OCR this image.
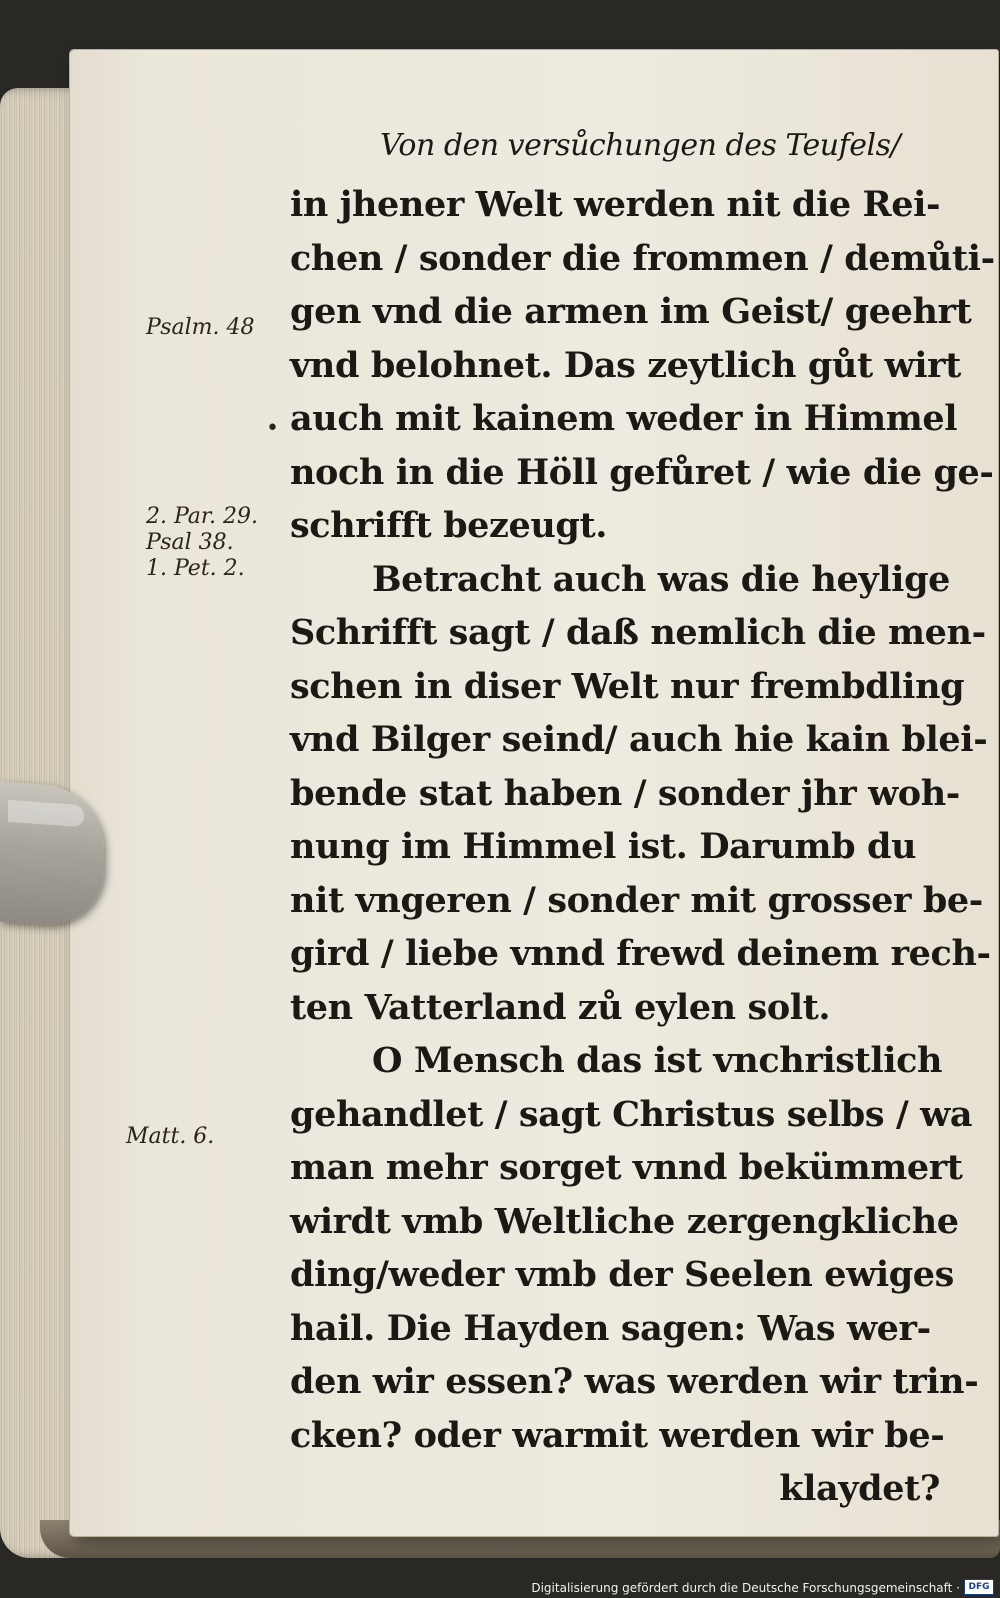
Von den versůchungen des Teufels/
Psalm. 48
•
2. Par. 29.
Psal 38.
1. Pet. 2.
Matt. 6.
in jhener Welt werden nit die Rei-
chen / sonder die frommen / demůti-
gen vnd die armen im Geist/ geehrt
vnd belohnet. Das zeytlich gůt wirt
auch mit kainem weder in Himmel
noch in die Höll gefůret / wie die ge-
schrifft bezeugt.
Betracht auch was die heylige
Schrifft sagt / daß nemlich die men-
schen in diser Welt nur frembdling
vnd Bilger seind/ auch hie kain blei-
bende stat haben / sonder jhr woh-
nung im Himmel ist. Darumb du
nit vngeren / sonder mit grosser be-
gird / liebe vnnd frewd deinem rech-
ten Vatterland zů eylen solt.
O Mensch das ist vnchristlich
gehandlet / sagt Christus selbs / wa
man mehr sorget vnnd bekümmert
wirdt vmb Weltliche zergengkliche
ding/weder vmb der Seelen ewiges
hail. Die Hayden sagen: Was wer-
den wir essen? was werden wir trin-
cken? oder warmit werden wir be-
klaydet?
Digitalisierung gefördert durch die Deutsche Forschungsgemeinschaft · DFG
